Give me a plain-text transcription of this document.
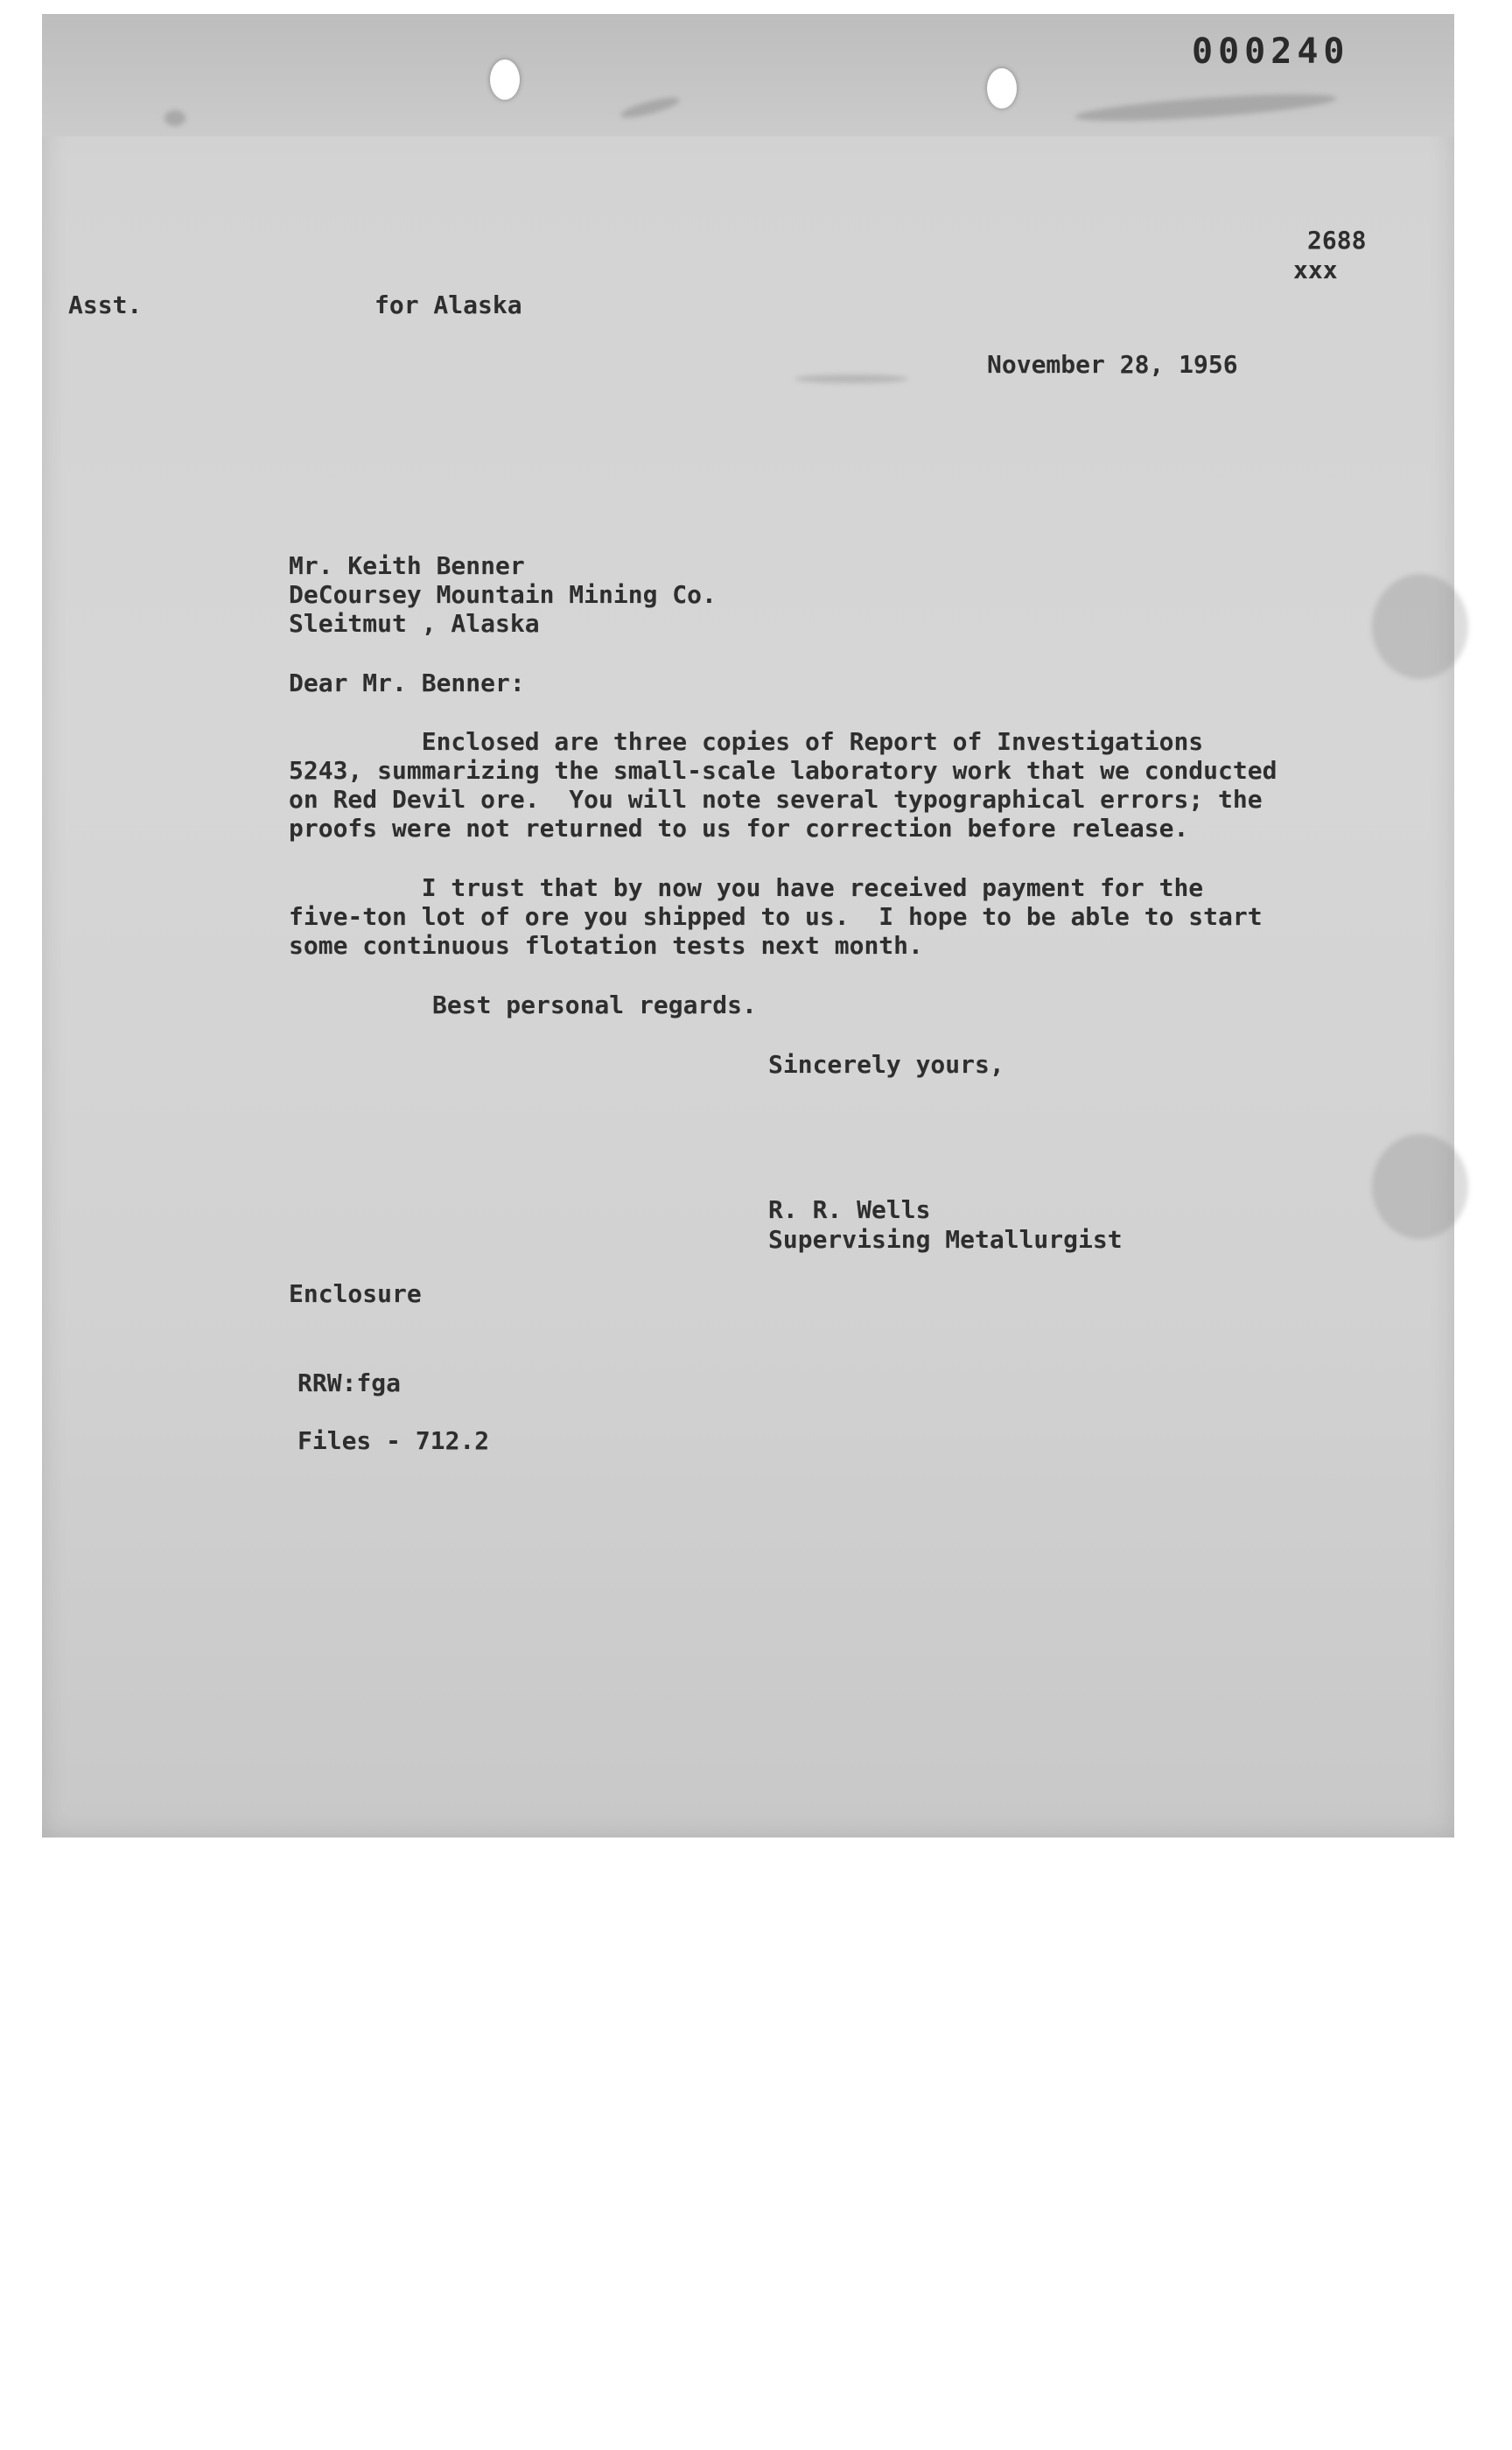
000240

2688

xxx

Asst.	for Alaska

November 28, 1956

Mr. Keith Benner

DeCoursey Mountain Mining Co.

Sleitmut , Alaska

Dear Mr. Benner:

Enclosed are three copies of Report of Investigations
5243, summarizing the small-scale laboratory work that we conducted
on Red Devil ore.  You will note several typographical errors; the
proofs were not returned to us for correction before release.

I trust that by now you have received payment for the
five-ton lot of ore you shipped to us.  I hope to be able to start
some continuous flotation tests next month.

Best personal regards.

Sincerely yours,

R. R. Wells

Supervising Metallurgist

Enclosure

RRW:fga

Files - 712.2
